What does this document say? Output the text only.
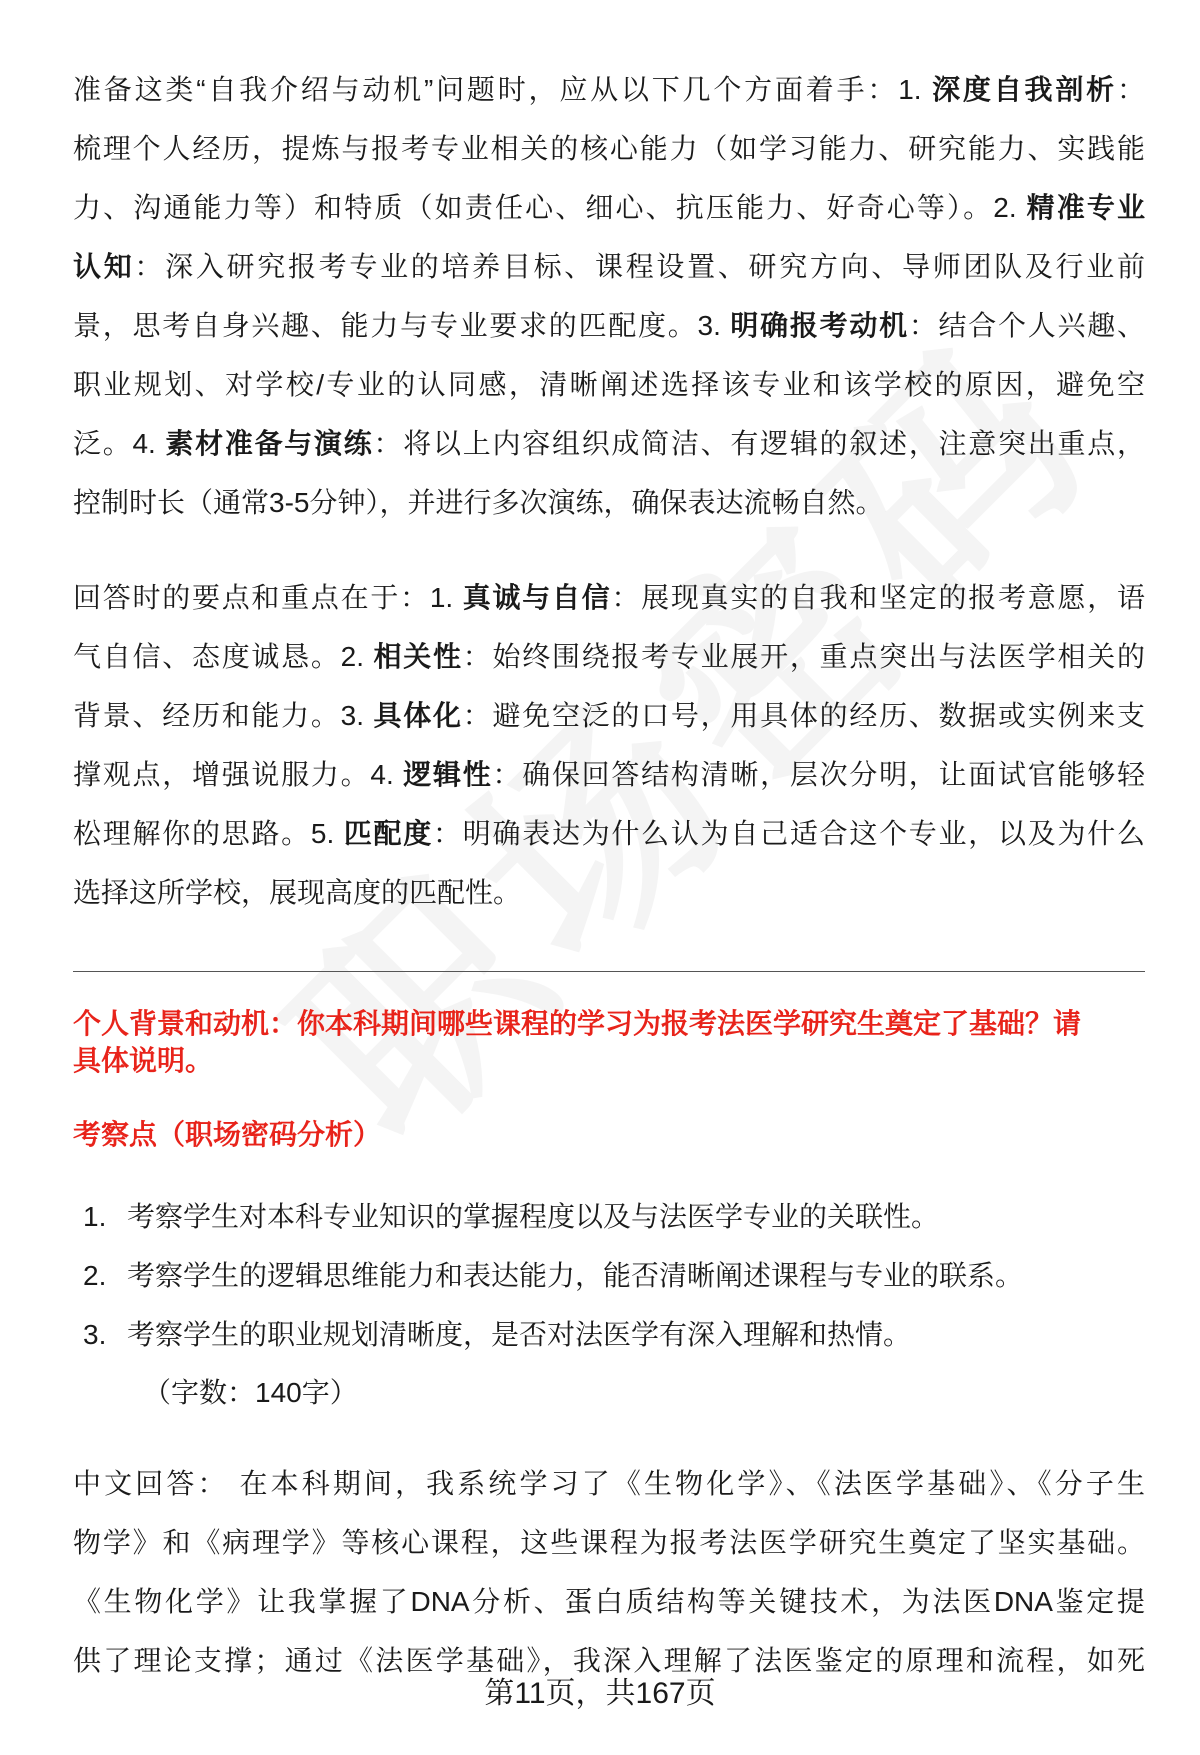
准备这类“自我介绍与动机”问题时，应从以下几个方面着手：1. 深度自我剖析：
梳理个人经历，提炼与报考专业相关的核心能力（如学习能力、研究能力、实践能
力、沟通能力等）和特质（如责任心、细心、抗压能力、好奇心等）。2. 精准专业
认知：深入研究报考专业的培养目标、课程设置、研究方向、导师团队及行业前
景，思考自身兴趣、能力与专业要求的匹配度。3. 明确报考动机：结合个人兴趣、
职业规划、对学校/专业的认同感，清晰阐述选择该专业和该学校的原因，避免空
泛。4. 素材准备与演练：将以上内容组织成简洁、有逻辑的叙述，注意突出重点，
控制时长（通常3-5分钟），并进行多次演练，确保表达流畅自然。
回答时的要点和重点在于：1. 真诚与自信：展现真实的自我和坚定的报考意愿，语
气自信、态度诚恳。2. 相关性：始终围绕报考专业展开，重点突出与法医学相关的
背景、经历和能力。3. 具体化：避免空泛的口号，用具体的经历、数据或实例来支
撑观点，增强说服力。4. 逻辑性：确保回答结构清晰，层次分明，让面试官能够轻
松理解你的思路。5. 匹配度：明确表达为什么认为自己适合这个专业，以及为什么
选择这所学校，展现高度的匹配性。
个人背景和动机：你本科期间哪些课程的学习为报考法医学研究生奠定了基础？请
具体说明。
考察点（职场密码分析）
1. 考察学生对本科专业知识的掌握程度以及与法医学专业的关联性。
2. 考察学生的逻辑思维能力和表达能力，能否清晰阐述课程与专业的联系。
3. 考察学生的职业规划清晰度，是否对法医学有深入理解和热情。
（字数：140字）
中文回答： 在本科期间，我系统学习了《生物化学》、《法医学基础》、《分子生
物学》和《病理学》等核心课程，这些课程为报考法医学研究生奠定了坚实基础。
《生物化学》让我掌握了DNA分析、蛋白质结构等关键技术，为法医DNA鉴定提
供了理论支撑；通过《法医学基础》，我深入理解了法医鉴定的原理和流程，如死
第11页，共167页
